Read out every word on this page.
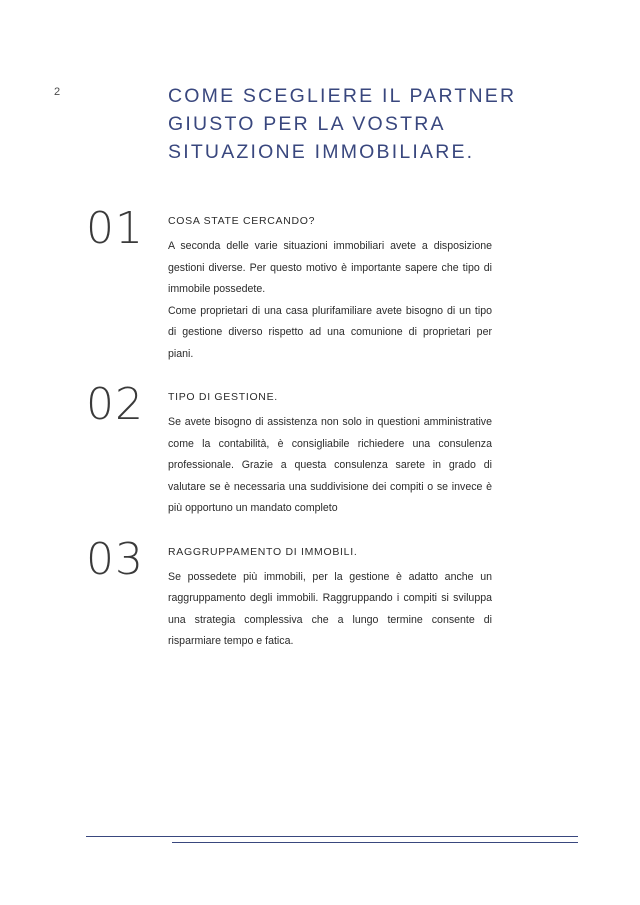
2	COME SCEGLIERE IL PARTNER GIUSTO PER LA VOSTRA SITUAZIONE IMMOBILIARE.
01	COSA STATE CERCANDO?

A seconda delle varie situazioni immobiliari avete a disposizione gestioni diverse. Per questo motivo è importante sapere che tipo di immobile possedete.

Come proprietari di una casa plurifamiliare avete bisogno di un tipo di gestione diverso rispetto ad una comunione di proprietari per piani.

02	TIPO DI GESTIONE.

Se avete bisogno di assistenza non solo in questioni amministrative come la contabilità, è consigliabile richiedere una consulenza professionale. Grazie a questa consulenza sarete in grado di valutare se è necessaria una suddivisione dei compiti o se invece è più opportuno un mandato completo

03	RAGGRUPPAMENTO DI IMMOBILI.

Se possedete più immobili, per la gestione è adatto anche un raggruppamento degli immobili. Raggruppando i compiti si sviluppa una strategia complessiva che a lungo termine consente di risparmiare tempo e fatica.
